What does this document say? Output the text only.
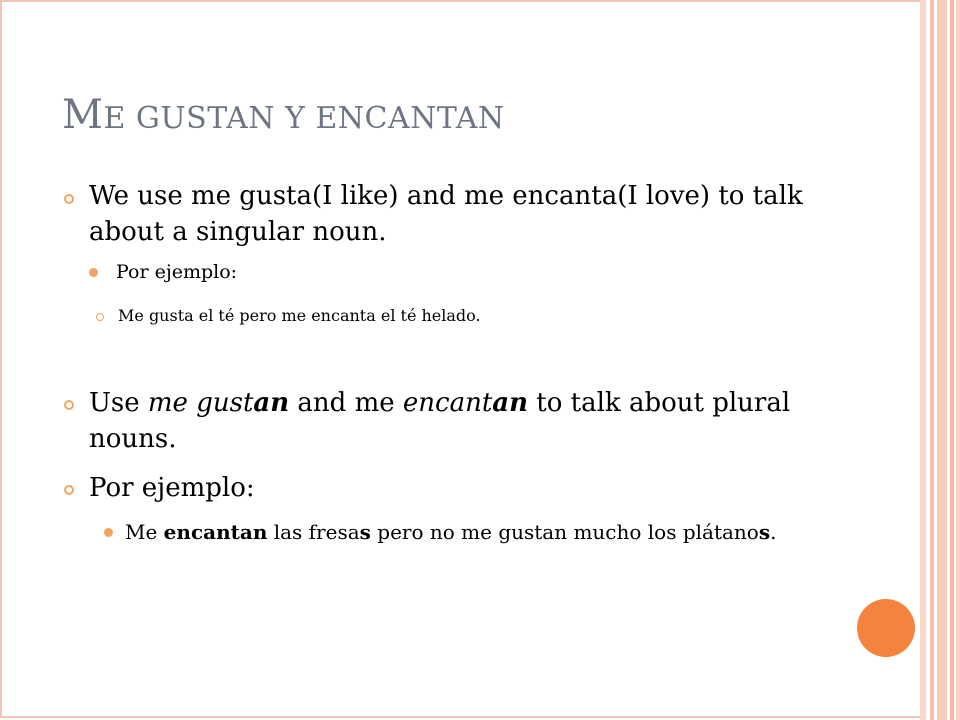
ME GUSTAN Y ENCANTAN
We use me gusta(I like) and me encanta(I love) to talk about a singular noun.
Por ejemplo:
Me gusta el té pero me encanta el té helado.
Use me gustan and me encantan to talk about plural nouns.
Por ejemplo:
Me encantan las fresas pero no me gustan mucho los plátanos.
